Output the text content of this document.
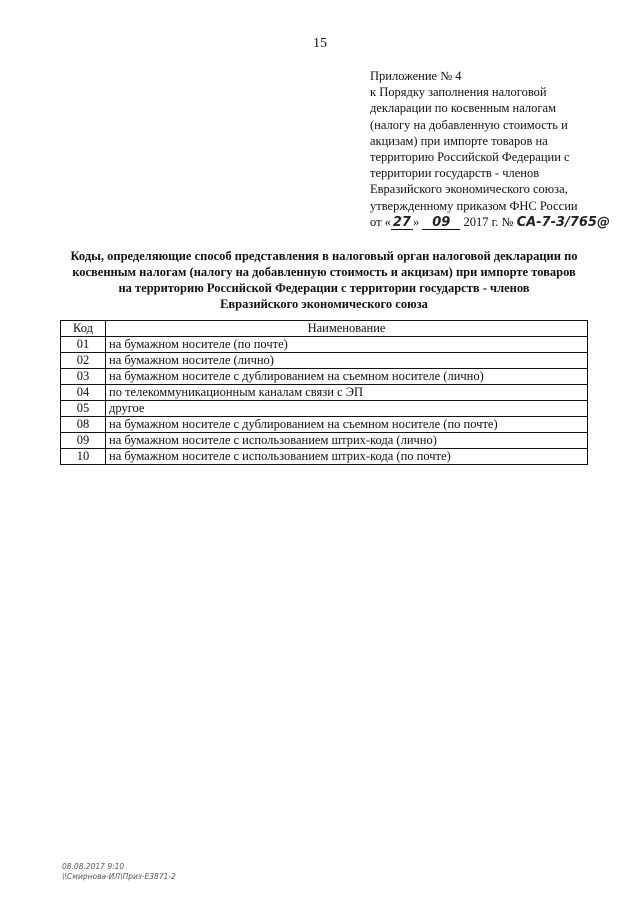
15
Приложение № 4
к Порядку заполнения налоговой
декларации по косвенным налогам
(налогу на добавленную стоимость и
акцизам) при импорте товаров на
территорию Российской Федерации с
территории государств - членов
Евразийского экономического союза,
утвержденному приказом ФНС России
от « 27 » 09 2017 г. № СА-7-3/765@
Коды, определяющие способ представления в налоговый орган налоговой декларации по
косвенным налогам (налогу на добавленную стоимость и акцизам) при импорте товаров
на территорию Российской Федерации с территории государств - членов
Евразийского экономического союза
Код	Наименование
01	на бумажном носителе (по почте)
02	на бумажном носителе (лично)
03	на бумажном носителе с дублированием на съемном носителе (лично)
04	по телекоммуникационным каналам связи с ЭП
05	другое
08	на бумажном носителе с дублированием на съемном носителе (по почте)
09	на бумажном носителе с использованием штрих-кода (лично)
10	на бумажном носителе с использованием штрих-кода (по почте)
08.08.2017 9:10
\\Смирнова-ИЛ\Приз-Е3871-2
